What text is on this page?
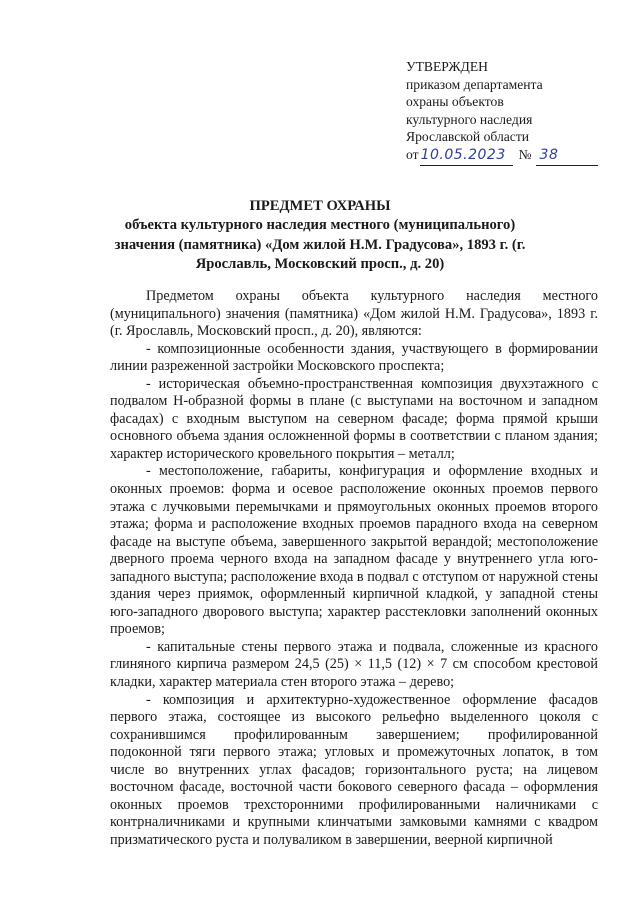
УТВЕРЖДЕН
приказом департамента
охраны объектов
культурного наследия
Ярославской области
от 10.05.2023 № 38
ПРЕДМЕТ ОХРАНЫ
объекта культурного наследия местного (муниципального) значения (памятника) «Дом жилой Н.М. Градусова», 1893 г. (г. Ярославль, Московский просп., д. 20)

Предметом охраны объекта культурного наследия местного (муниципального) значения (памятника) «Дом жилой Н.М. Градусова», 1893 г. (г. Ярославль, Московский просп., д. 20), являются:

- композиционные особенности здания, участвующего в формировании линии разреженной застройки Московского проспекта;

- историческая объемно-пространственная композиция двухэтажного с подвалом Н-образной формы в плане (с выступами на восточном и западном фасадах) с входным выступом на северном фасаде; форма прямой крыши основного объема здания осложненной формы в соответствии с планом здания; характер исторического кровельного покрытия – металл;

- местоположение, габариты, конфигурация и оформление входных и оконных проемов: форма и осевое расположение оконных проемов первого этажа с лучковыми перемычками и прямоугольных оконных проемов второго этажа; форма и расположение входных проемов парадного входа на северном фасаде на выступе объема, завершенного закрытой верандой; местоположение дверного проема черного входа на западном фасаде у внутреннего угла юго-западного выступа; расположение входа в подвал с отступом от наружной стены здания через приямок, оформленный кирпичной кладкой, у западной стены юго-западного дворового выступа; характер расстекловки заполнений оконных проемов;

- капитальные стены первого этажа и подвала, сложенные из красного глиняного кирпича размером 24,5 (25) × 11,5 (12) × 7 см способом крестовой кладки, характер материала стен второго этажа – дерево;

- композиция и архитектурно-художественное оформление фасадов первого этажа, состоящее из высокого рельефно выделенного цоколя с сохранившимся профилированным завершением; профилированной подоконной тяги первого этажа; угловых и промежуточных лопаток, в том числе во внутренних углах фасадов; горизонтального руста; на лицевом восточном фасаде, восточной части бокового северного фасада – оформления оконных проемов трехсторонними профилированными наличниками с контрналичниками и крупными клинчатыми замковыми камнями с квадром призматического руста и полуваликом в завершении, веерной кирпичной
